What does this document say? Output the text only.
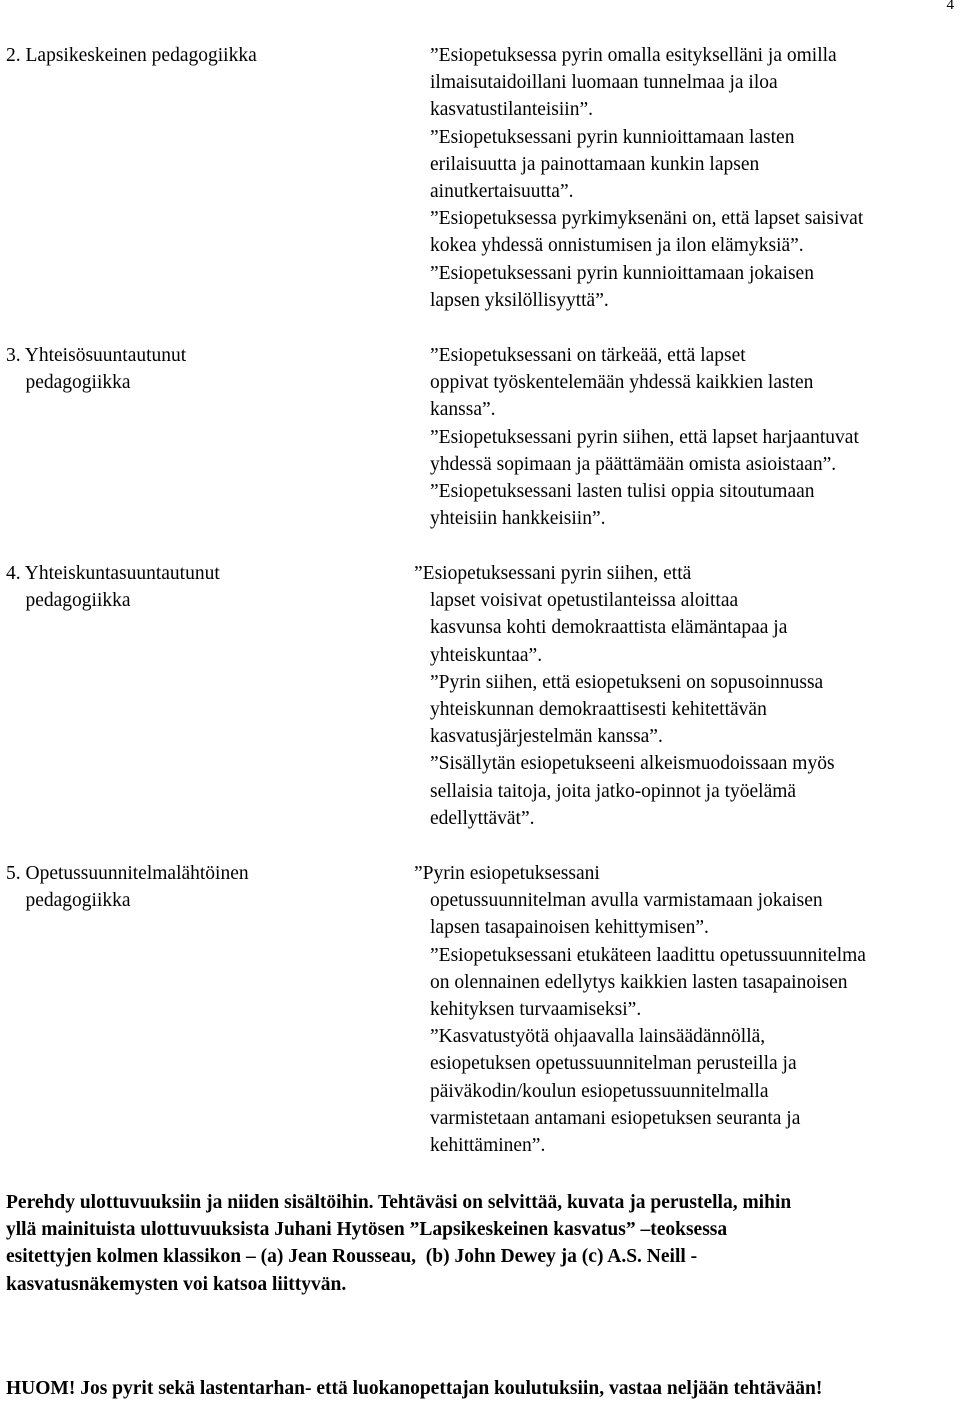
4
2. Lapsikeskeinen pedagogiikka	”Esiopetuksessa pyrin omalla esitykselläni ja omilla
ilmaisutaidoillani luomaan tunnelmaa ja iloa
kasvatustilanteisiin”.
”Esiopetuksessani pyrin kunnioittamaan lasten
erilaisuutta ja painottamaan kunkin lapsen
ainutkertaisuutta”.
”Esiopetuksessa pyrkimyksenäni on, että lapset saisivat
kokea yhdessä onnistumisen ja ilon elämyksiä”.
”Esiopetuksessani pyrin kunnioittamaan jokaisen
lapsen yksilöllisyyttä”.
3. Yhteisösuuntautunut
pedagogiikka
”Esiopetuksessani on tärkeää, että lapset
oppivat työskentelemään yhdessä kaikkien lasten
kanssa”.
”Esiopetuksessani pyrin siihen, että lapset harjaantuvat
yhdessä sopimaan ja päättämään omista asioistaan”.
”Esiopetuksessani lasten tulisi oppia sitoutumaan
yhteisiin hankkeisiin”.
4. Yhteiskuntasuuntautunut
pedagogiikka
”Esiopetuksessani pyrin siihen, että
lapset voisivat opetustilanteissa aloittaa
kasvunsa kohti demokraattista elämäntapaa ja
yhteiskuntaa”.
”Pyrin siihen, että esiopetukseni on sopusoinnussa
yhteiskunnan demokraattisesti kehitettävän
kasvatusjärjestelmän kanssa”.
”Sisällytän esiopetukseeni alkeismuodoissaan myös
sellaisia taitoja, joita jatko-opinnot ja työelämä
edellyttävät”.
5. Opetussuunnitelmalähtöinen
pedagogiikka
”Pyrin esiopetuksessani
opetussuunnitelman avulla varmistamaan jokaisen
lapsen tasapainoisen kehittymisen”.
”Esiopetuksessani etukäteen laadittu opetussuunnitelma
on olennainen edellytys kaikkien lasten tasapainoisen
kehityksen turvaamiseksi”.
”Kasvatustyötä ohjaavalla lainsäädännöllä,
esiopetuksen opetussuunnitelman perusteilla ja
päiväkodin/koulun esiopetussuunnitelmalla
varmistetaan antamani esiopetuksen seuranta ja
kehittäminen”.
Perehdy ulottuvuuksiin ja niiden sisältöihin. Tehtäväsi on selvittää, kuvata ja perustella, mihin
yllä mainituista ulottuvuuksista Juhani Hytösen ”Lapsikeskeinen kasvatus” –teoksessa
esitettyjen kolmen klassikon – (a) Jean Rousseau,  (b) John Dewey ja (c) A.S. Neill -
kasvatusnäkemysten voi katsoa liittyvän.
HUOM! Jos pyrit sekä lastentarhan- että luokanopettajan koulutuksiin, vastaa neljään tehtävään!
